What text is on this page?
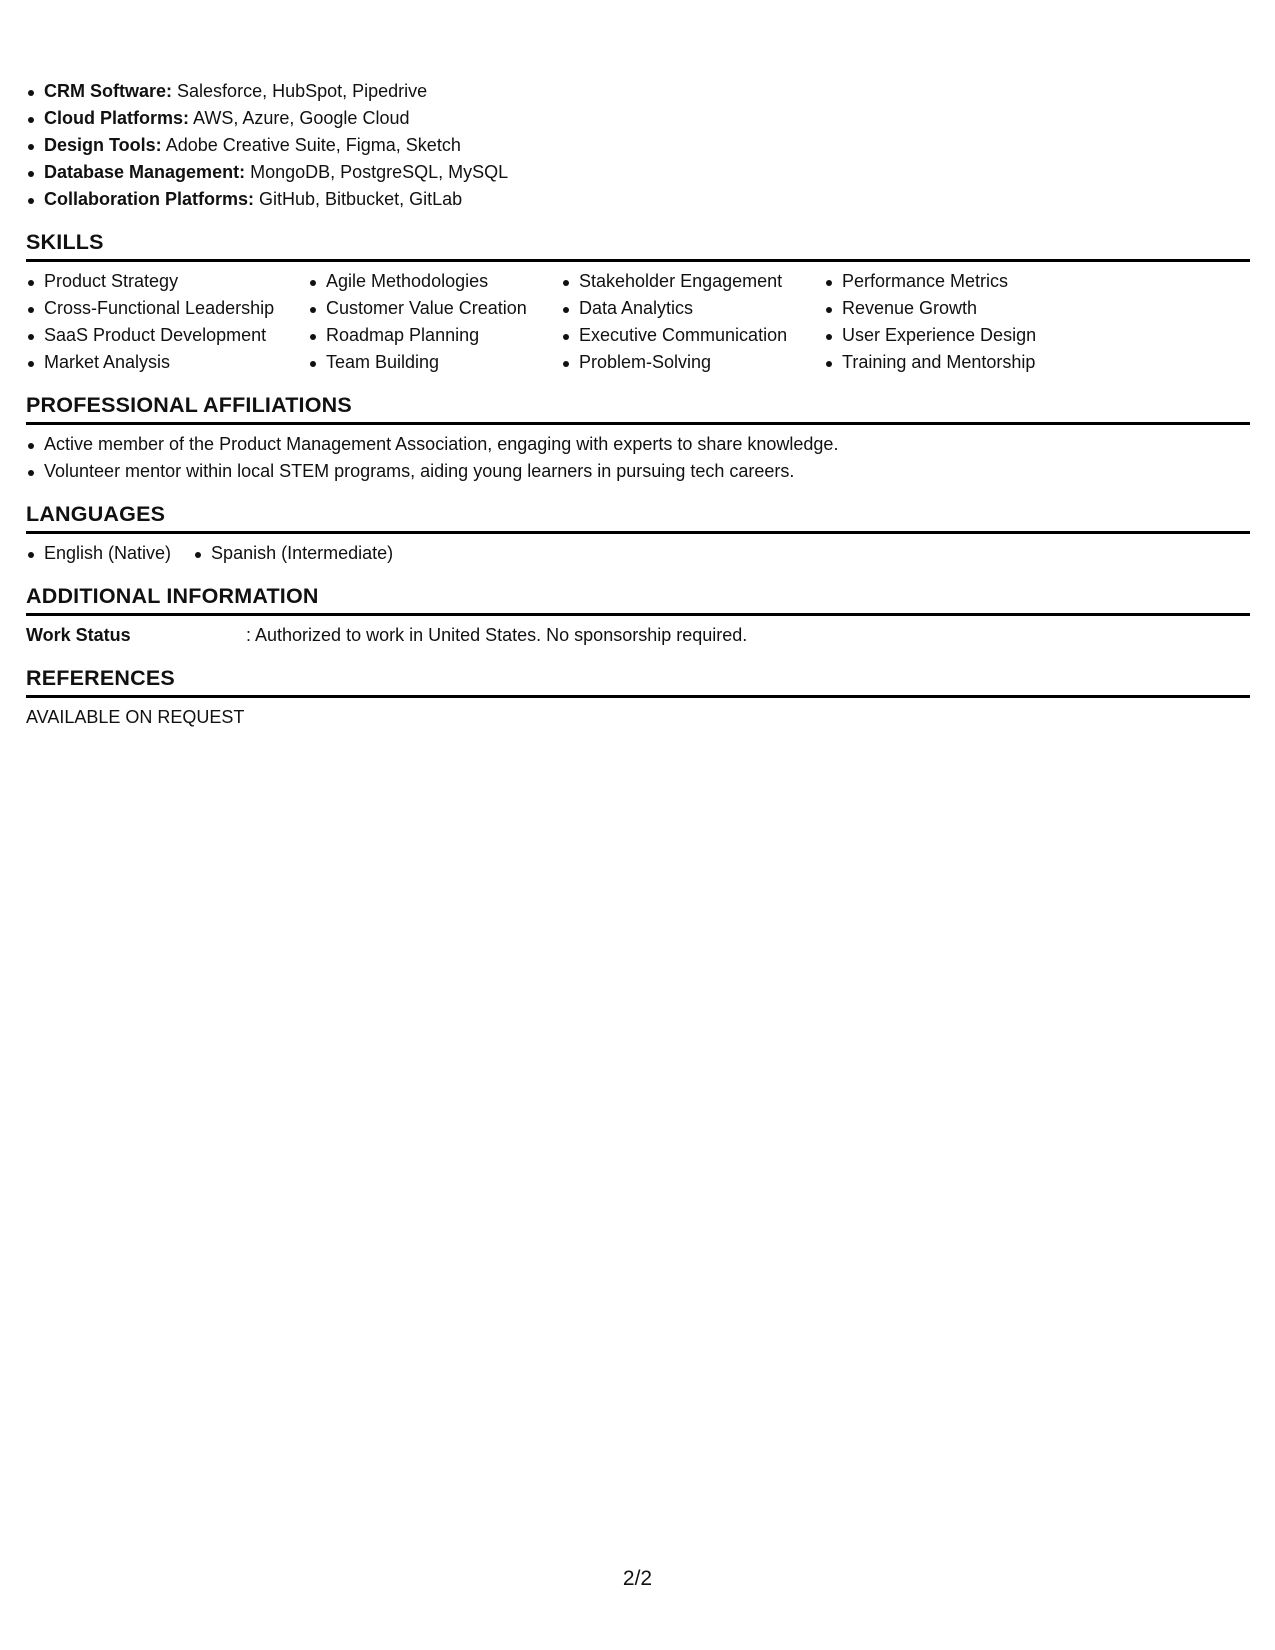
CRM Software: Salesforce, HubSpot, Pipedrive
Cloud Platforms: AWS, Azure, Google Cloud
Design Tools: Adobe Creative Suite, Figma, Sketch
Database Management: MongoDB, PostgreSQL, MySQL
Collaboration Platforms: GitHub, Bitbucket, GitLab
SKILLS
Product Strategy
Cross-Functional Leadership
SaaS Product Development
Market Analysis
Agile Methodologies
Customer Value Creation
Roadmap Planning
Team Building
Stakeholder Engagement
Data Analytics
Executive Communication
Problem-Solving
Performance Metrics
Revenue Growth
User Experience Design
Training and Mentorship
PROFESSIONAL AFFILIATIONS
Active member of the Product Management Association, engaging with experts to share knowledge.
Volunteer mentor within local STEM programs, aiding young learners in pursuing tech careers.
LANGUAGES
English (Native)	Spanish (Intermediate)
ADDITIONAL INFORMATION
Work Status	: Authorized to work in United States. No sponsorship required.
REFERENCES
AVAILABLE ON REQUEST
2/2
